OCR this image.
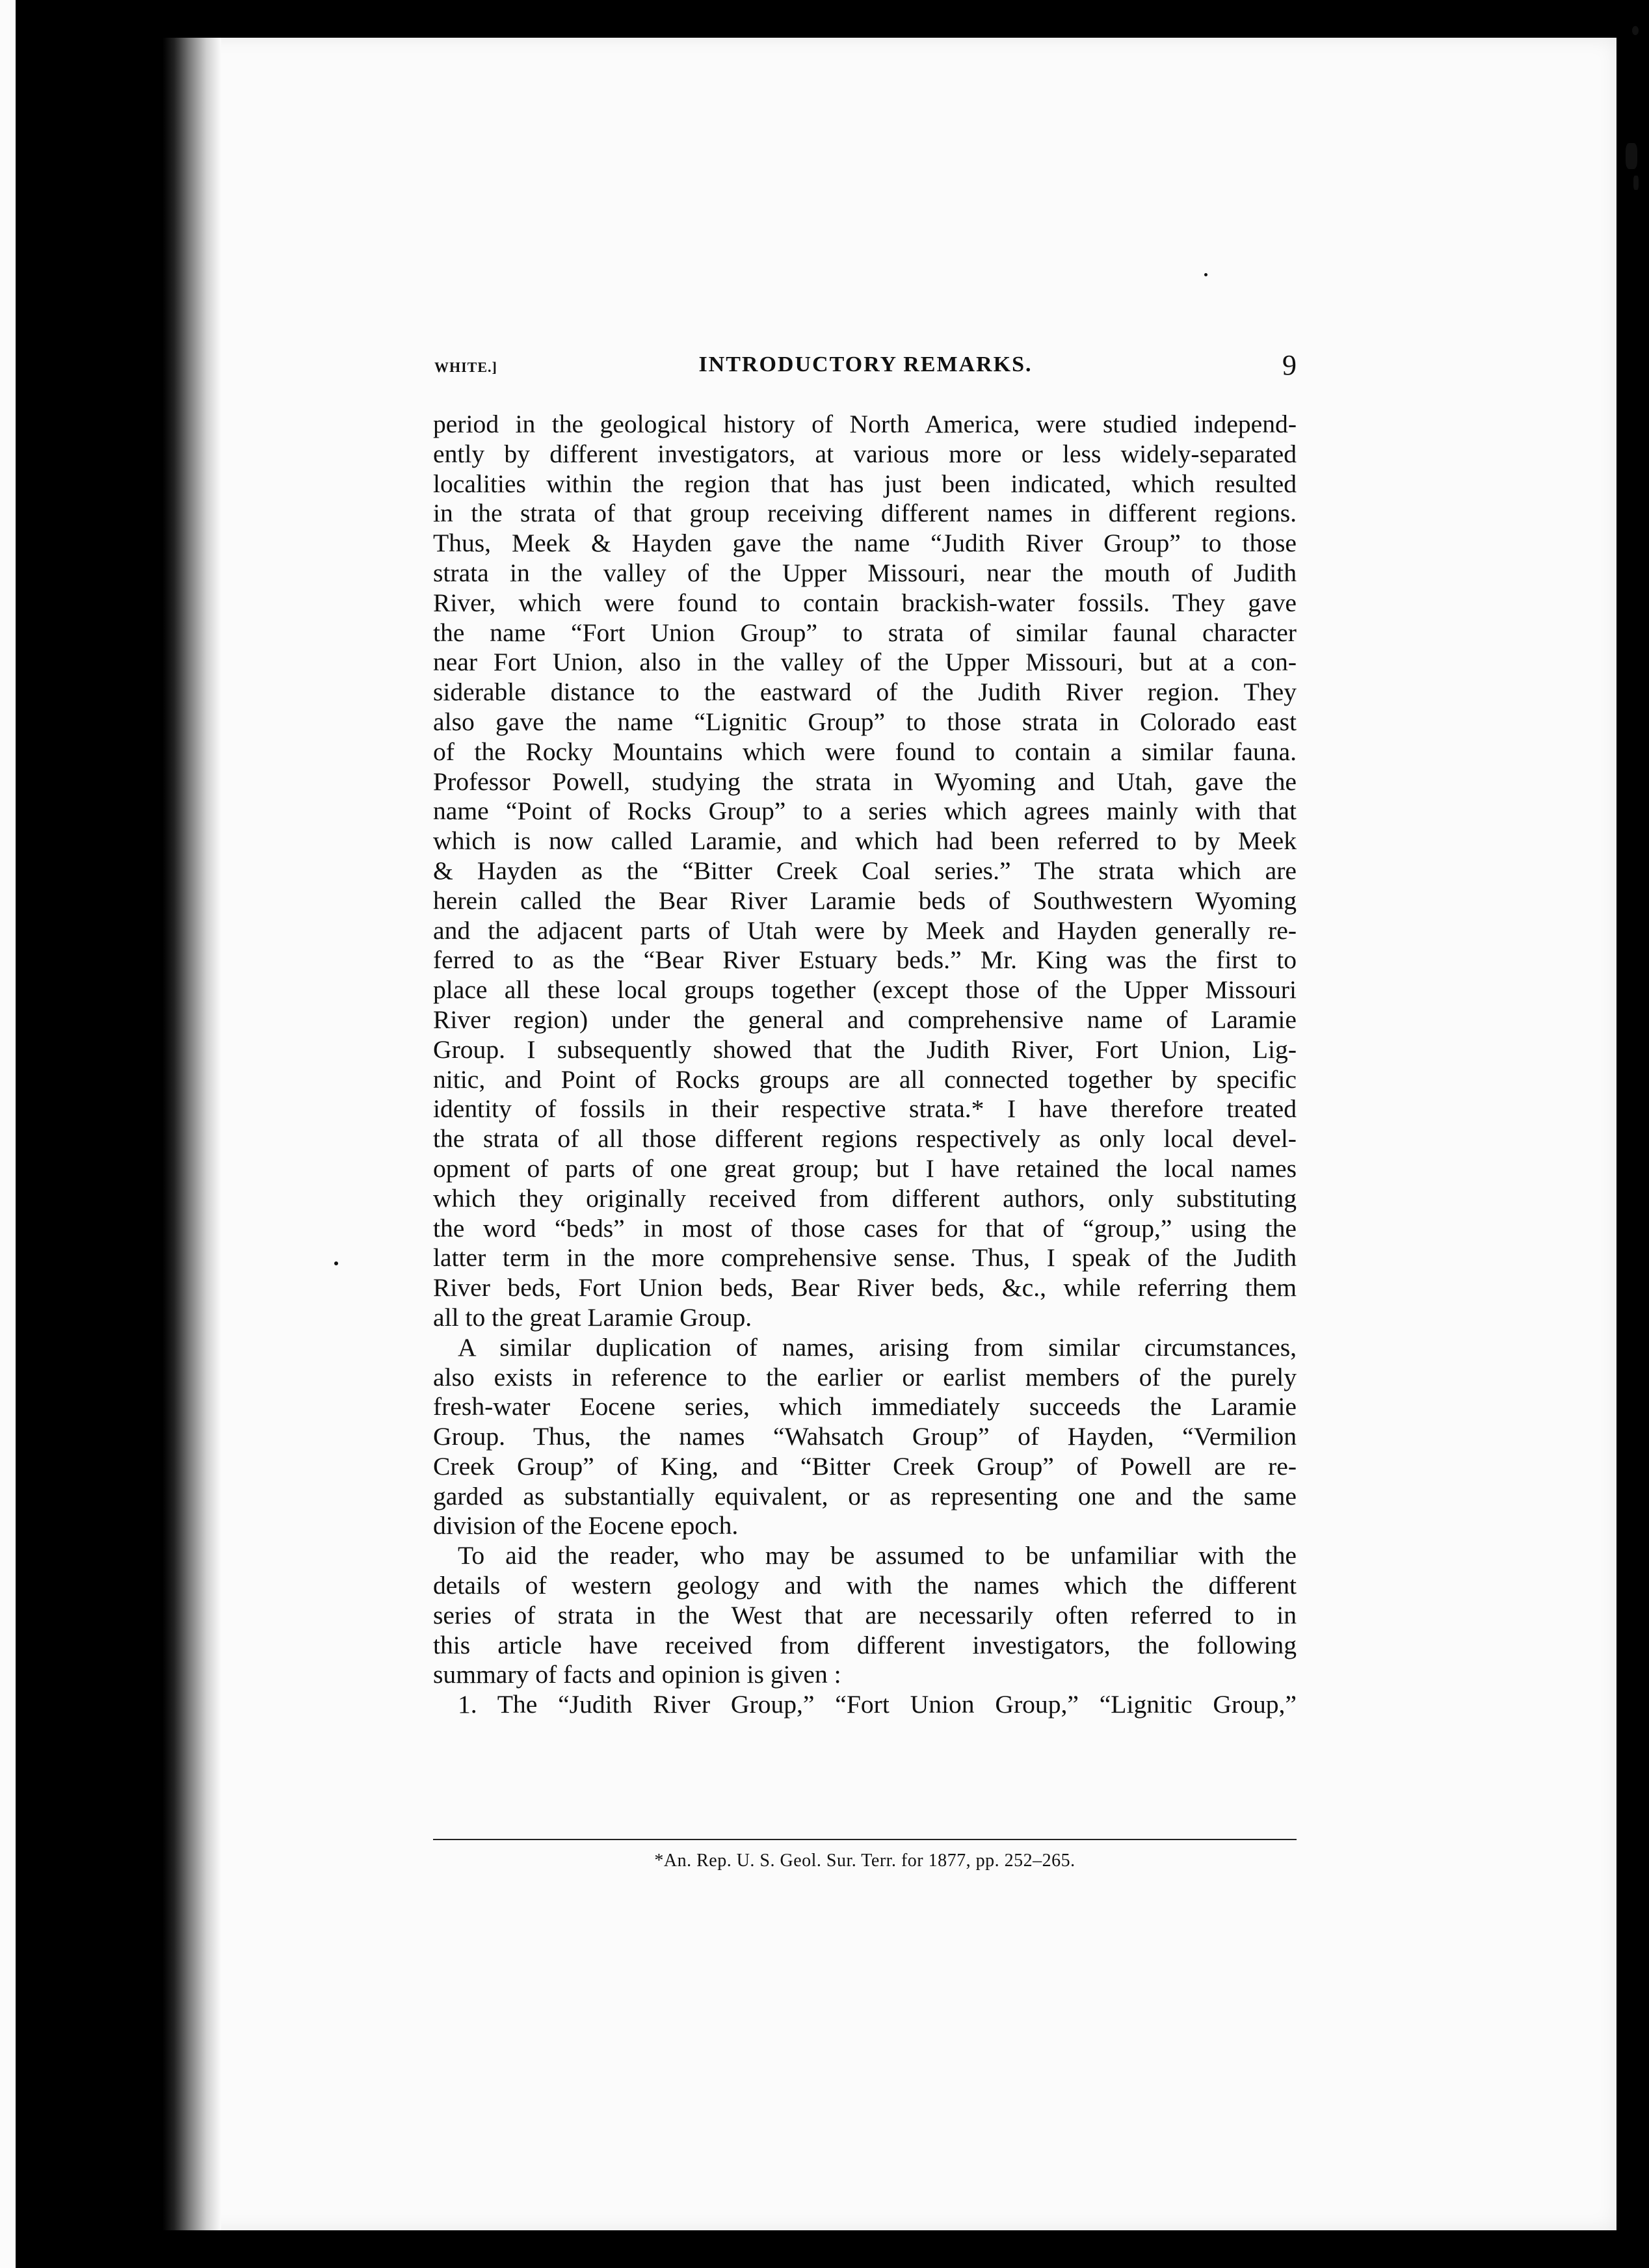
WHITE.]	INTRODUCTORY REMARKS.	9
period in the geological history of North America, were studied independ-
ently by different investigators, at various more or less widely-separated
localities within the region that has just been indicated, which resulted
in the strata of that group receiving different names in different regions.
Thus, Meek & Hayden gave the name “Judith River Group” to those
strata in the valley of the Upper Missouri, near the mouth of Judith
River, which were found to contain brackish-water fossils. They gave
the name “Fort Union Group” to strata of similar faunal character
near Fort Union, also in the valley of the Upper Missouri, but at a con-
siderable distance to the eastward of the Judith River region. They
also gave the name “Lignitic Group” to those strata in Colorado east
of the Rocky Mountains which were found to contain a similar fauna.
Professor Powell, studying the strata in Wyoming and Utah, gave the
name “Point of Rocks Group” to a series which agrees mainly with that
which is now called Laramie, and which had been referred to by Meek
& Hayden as the “Bitter Creek Coal series.” The strata which are
herein called the Bear River Laramie beds of Southwestern Wyoming
and the adjacent parts of Utah were by Meek and Hayden generally re-
ferred to as the “Bear River Estuary beds.” Mr. King was the first to
place all these local groups together (except those of the Upper Missouri
River region) under the general and comprehensive name of Laramie
Group. I subsequently showed that the Judith River, Fort Union, Lig-
nitic, and Point of Rocks groups are all connected together by specific
identity of fossils in their respective strata.* I have therefore treated
the strata of all those different regions respectively as only local devel-
opment of parts of one great group; but I have retained the local names
which they originally received from different authors, only substituting
the word “beds” in most of those cases for that of “group,” using the
latter term in the more comprehensive sense. Thus, I speak of the Judith
River beds, Fort Union beds, Bear River beds, &c., while referring them
all to the great Laramie Group.
A similar duplication of names, arising from similar circumstances,
also exists in reference to the earlier or earlist members of the purely
fresh-water Eocene series, which immediately succeeds the Laramie
Group. Thus, the names “Wahsatch Group” of Hayden, “Vermilion
Creek Group” of King, and “Bitter Creek Group” of Powell are re-
garded as substantially equivalent, or as representing one and the same
division of the Eocene epoch.
To aid the reader, who may be assumed to be unfamiliar with the
details of western geology and with the names which the different
series of strata in the West that are necessarily often referred to in
this article have received from different investigators, the following
summary of facts and opinion is given :
1. The “Judith River Group,” “Fort Union Group,” “Lignitic Group,”
*An. Rep. U. S. Geol. Sur. Terr. for 1877, pp. 252–265.
